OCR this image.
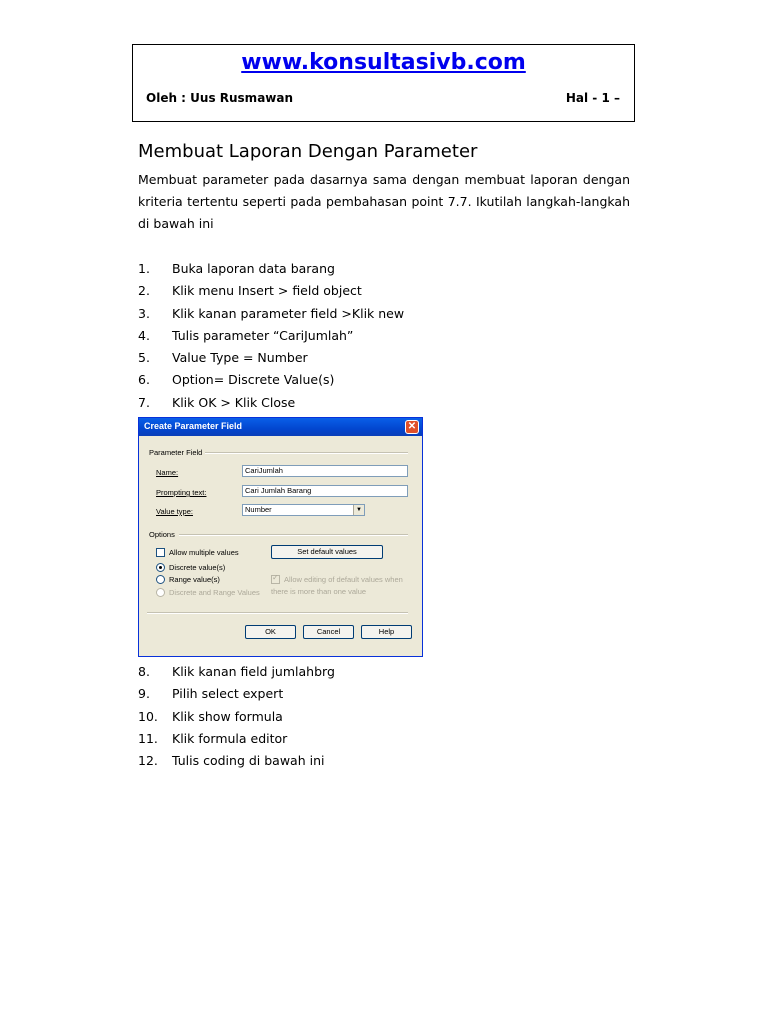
www.konsultasivb.com
Oleh : Uus Rusmawan	Hal - 1 –
Membuat Laporan Dengan Parameter
Membuat parameter pada dasarnya sama dengan membuat laporan dengan kriteria tertentu seperti pada pembahasan point 7.7. Ikutilah langkah-langkah di bawah ini
1. Buka laporan data barang
2. Klik menu Insert > field object
3. Klik kanan parameter field >Klik new
4. Tulis parameter “CariJumlah”
5. Value Type = Number
6. Option= Discrete Value(s)
7. Klik OK > Klik Close
Create Parameter Field	✕
Parameter Field
Name:	CariJumlah
Prompting text:	Cari Jumlah Barang
Value type:	Number	▼
Options
Allow multiple values	Set default values
Discrete value(s)
Range value(s)
✓	Allow editing of default values when
there is more than one value
Discrete and Range Values
OK	Cancel	Help
8. Klik kanan field jumlahbrg
9. Pilih select expert
10. Klik show formula
11. Klik formula editor
12. Tulis coding di bawah ini
